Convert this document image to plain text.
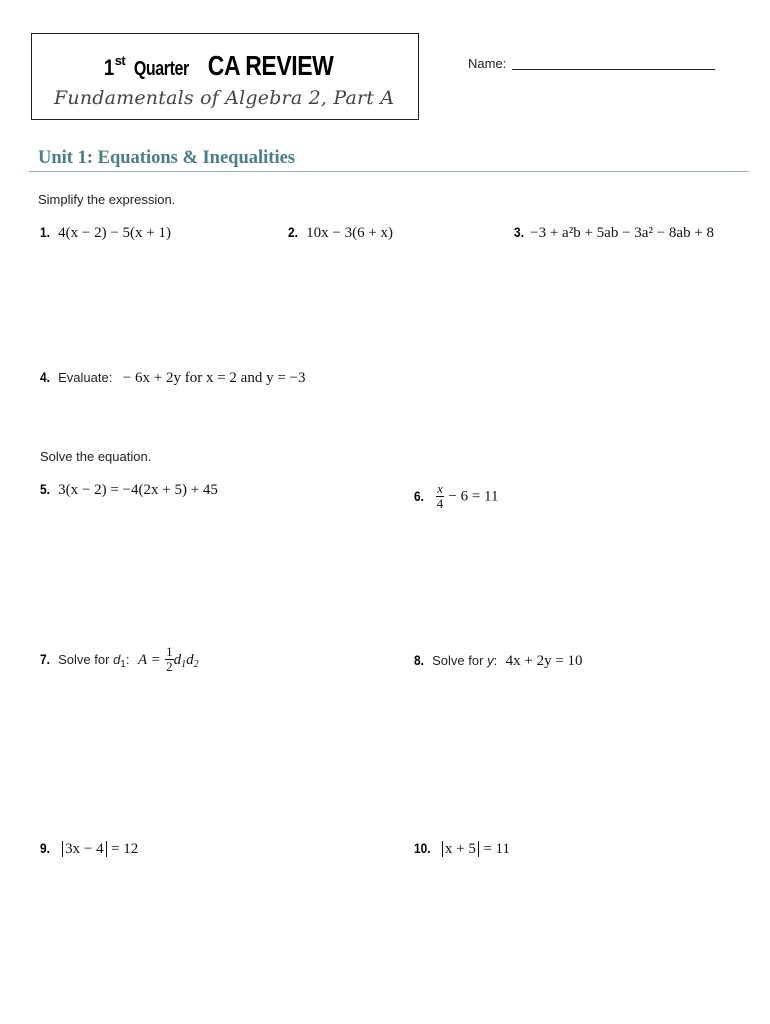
1st Quarter CA REVIEW
Fundamentals of Algebra 2, Part A
Name:
Unit 1: Equations & Inequalities
Simplify the expression.
1. 4(x − 2) − 5(x + 1)	2. 10x − 3(6 + x)	3. −3 + a²b + 5ab − 3a² − 8ab + 8
4. Evaluate: − 6x + 2y for x = 2 and y = −3
Solve the equation.
5. 3(x − 2) = −4(2x + 5) + 45	6. $\frac{x}{4} - 6 = 11$
7. Solve for $d_1$: $A = \frac{1}{2} d_1d_2$	8. Solve for y: 4x + 2y = 10
9. 3x − 4 = 12	10. x + 5 = 11
